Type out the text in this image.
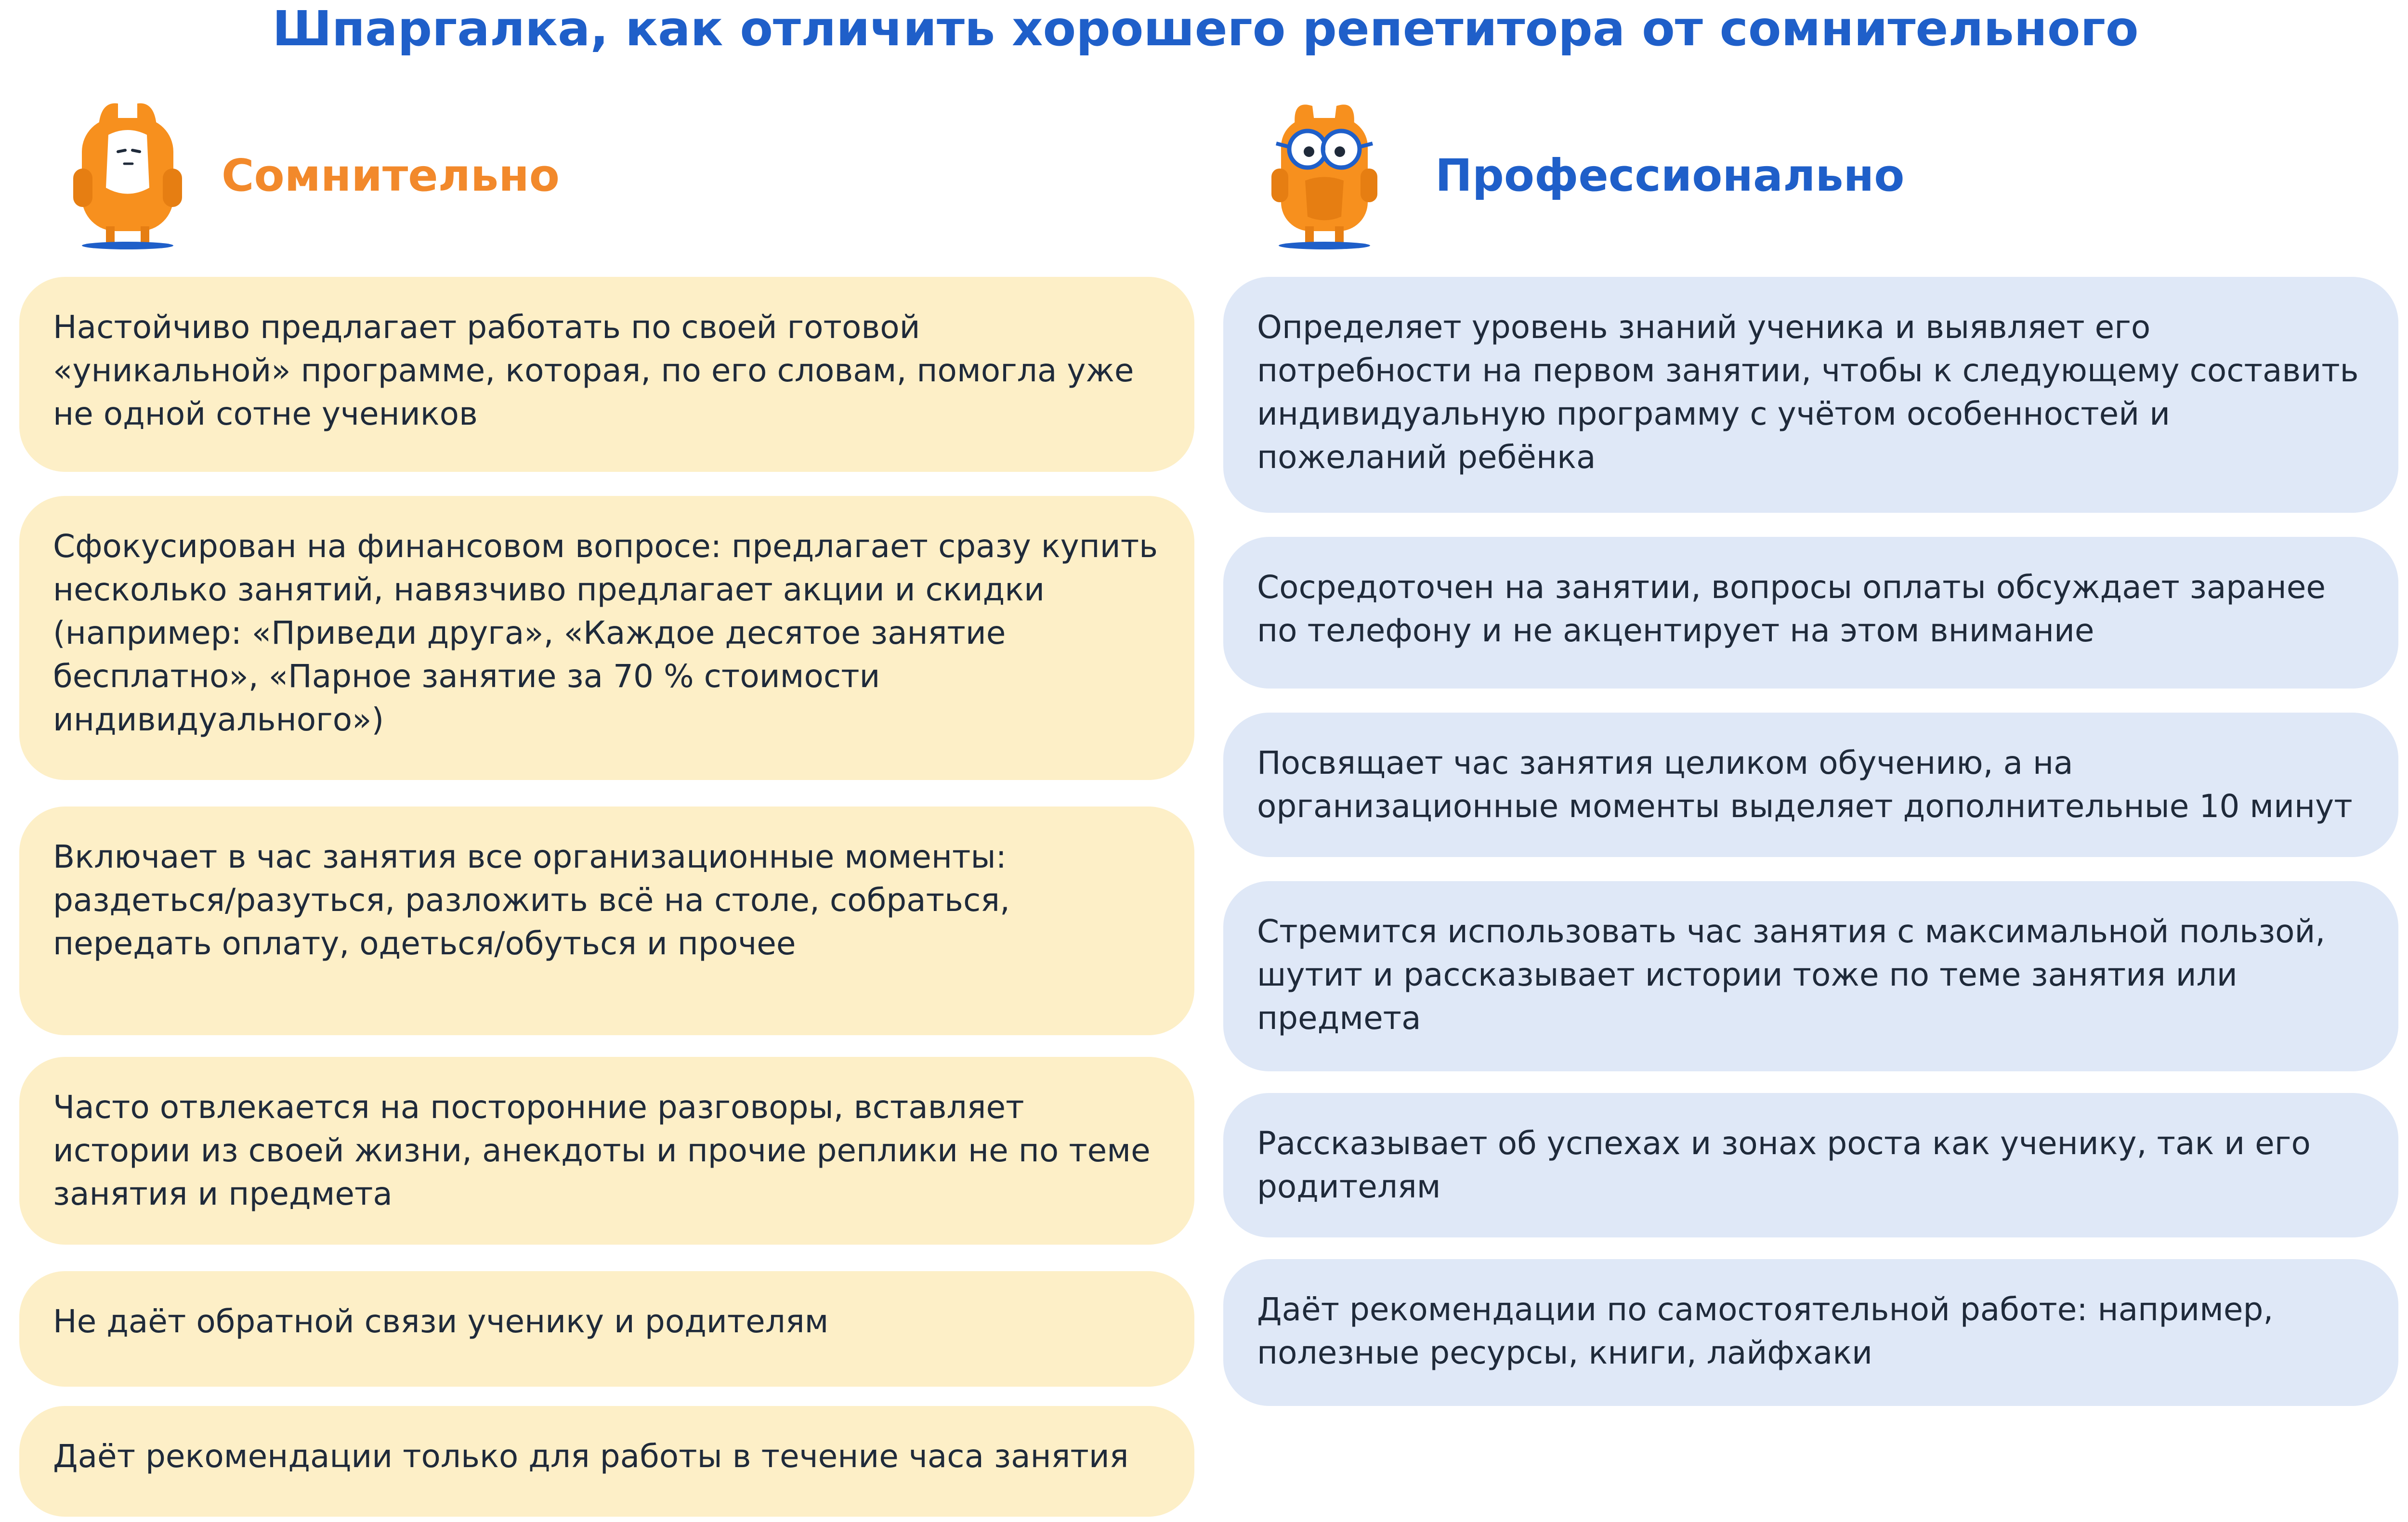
Шпаргалка, как отличить хорошего репетитора от сомнительного
Сомнительно
Настойчиво предлагает работать по своей готовой «уникальной» программе, которая, по его словам, помогла уже не одной сотне учеников
Сфокусирован на финансовом вопросе: предлагает сразу купить несколько занятий, навязчиво предлагает акции и скидки (например: «Приведи друга», «Каждое десятое занятие бесплатно», «Парное занятие за 70 % стоимости индивидуального»)
Включает в час занятия все организационные моменты: раздеться/разуться, разложить всё на столе, собраться, передать оплату, одеться/обуться и прочее
Часто отвлекается на посторонние разговоры, вставляет истории из своей жизни, анекдоты и прочие реплики не по теме занятия и предмета
Не даёт обратной связи ученику и родителям
Даёт рекомендации только для работы в течение часа занятия
Профессионально
Определяет уровень знаний ученика и выявляет его потребности на первом занятии, чтобы к следующему составить индивидуальную программу с учётом особенностей и пожеланий ребёнка
Сосредоточен на занятии, вопросы оплаты обсуждает заранее по телефону и не акцентирует на этом внимание
Посвящает час занятия целиком обучению, а на организационные моменты выделяет дополнительные 10 минут
Стремится использовать час занятия с максимальной пользой, шутит и рассказывает истории тоже по теме занятия или предмета
Рассказывает об успехах и зонах роста как ученику, так и его родителям
Даёт рекомендации по самостоятельной работе: например, полезные ресурсы, книги, лайфхаки
